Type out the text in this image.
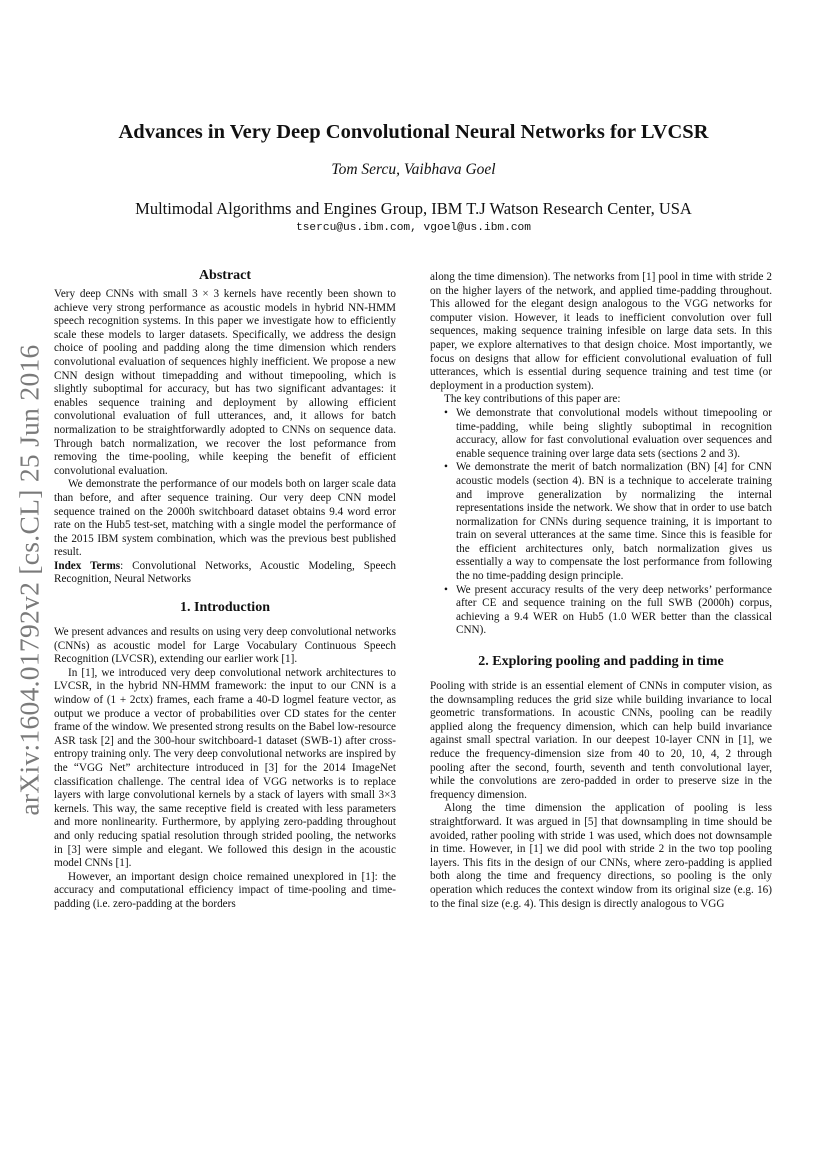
arXiv:1604.01792v2 [cs.CL] 25 Jun 2016
Advances in Very Deep Convolutional Neural Networks for LVCSR
Tom Sercu, Vaibhava Goel
Multimodal Algorithms and Engines Group, IBM T.J Watson Research Center, USA
tsercu@us.ibm.com, vgoel@us.ibm.com
Abstract

Very deep CNNs with small 3 × 3 kernels have recently been shown to achieve very strong performance as acoustic models in hybrid NN-HMM speech recognition systems. In this paper we investigate how to efficiently scale these models to larger datasets. Specifically, we address the design choice of pooling and padding along the time dimension which renders convolutional evaluation of sequences highly inefficient. We propose a new CNN design without timepadding and without timepooling, which is slightly suboptimal for accuracy, but has two significant advantages: it enables sequence training and deployment by allowing efficient convolutional evaluation of full utterances, and, it allows for batch normalization to be straightforwardly adopted to CNNs on sequence data. Through batch normalization, we recover the lost peformance from removing the time-pooling, while keeping the benefit of efficient convolutional evaluation.

We demonstrate the performance of our models both on larger scale data than before, and after sequence training. Our very deep CNN model sequence trained on the 2000h switchboard dataset obtains 9.4 word error rate on the Hub5 test-set, matching with a single model the performance of the 2015 IBM system combination, which was the previous best published result.

Index Terms: Convolutional Networks, Acoustic Modeling, Speech Recognition, Neural Networks

1. Introduction

We present advances and results on using very deep convolutional networks (CNNs) as acoustic model for Large Vocabulary Continuous Speech Recognition (LVCSR), extending our earlier work [1].

In [1], we introduced very deep convolutional network architectures to LVCSR, in the hybrid NN-HMM framework: the input to our CNN is a window of (1 + 2ctx) frames, each frame a 40-D logmel feature vector, as output we produce a vector of probabilities over CD states for the center frame of the window. We presented strong results on the Babel low-resource ASR task [2] and the 300-hour switchboard-1 dataset (SWB-1) after cross-entropy training only. The very deep convolutional networks are inspired by the “VGG Net” architecture introduced in [3] for the 2014 ImageNet classification challenge. The central idea of VGG networks is to replace layers with large convolutional kernels by a stack of layers with small 3×3 kernels. This way, the same receptive field is created with less parameters and more nonlinearity. Furthermore, by applying zero-padding throughout and only reducing spatial resolution through strided pooling, the networks in [3] were simple and elegant. We followed this design in the acoustic model CNNs [1].

However, an important design choice remained unexplored in [1]: the accuracy and computational efficiency impact of time-pooling and time-padding (i.e. zero-padding at the borders

along the time dimension). The networks from [1] pool in time with stride 2 on the higher layers of the network, and applied time-padding throughout. This allowed for the elegant design analogous to the VGG networks for computer vision. However, it leads to inefficient convolution over full sequences, making sequence training infesible on large data sets. In this paper, we explore alternatives to that design choice. Most importantly, we focus on designs that allow for efficient convolutional evaluation of full utterances, which is essential during sequence training and test time (or deployment in a production system).

The key contributions of this paper are:

• We demonstrate that convolutional models without timepooling or time-padding, while being slightly suboptimal in recognition accuracy, allow for fast convolutional evaluation over sequences and enable sequence training over large data sets (sections 2 and 3).
• We demonstrate the merit of batch normalization (BN) [4] for CNN acoustic models (section 4). BN is a technique to accelerate training and improve generalization by normalizing the internal representations inside the network. We show that in order to use batch normalization for CNNs during sequence training, it is important to train on several utterances at the same time. Since this is feasible for the efficient architectures only, batch normalization gives us essentially a way to compensate the lost performance from following the no time-padding design principle.
• We present accuracy results of the very deep networks’ performance after CE and sequence training on the full SWB (2000h) corpus, achieving a 9.4 WER on Hub5 (1.0 WER better than the classical CNN).
2. Exploring pooling and padding in time

Pooling with stride is an essential element of CNNs in computer vision, as the downsampling reduces the grid size while building invariance to local geometric transformations. In acoustic CNNs, pooling can be readily applied along the frequency dimension, which can help build invariance against small spectral variation. In our deepest 10-layer CNN in [1], we reduce the frequency-dimension size from 40 to 20, 10, 4, 2 through pooling after the second, fourth, seventh and tenth convolutional layer, while the convolutions are zero-padded in order to preserve size in the frequency dimension.

Along the time dimension the application of pooling is less straightforward. It was argued in [5] that downsampling in time should be avoided, rather pooling with stride 1 was used, which does not downsample in time. However, in [1] we did pool with stride 2 in the two top pooling layers. This fits in the design of our CNNs, where zero-padding is applied both along the time and frequency directions, so pooling is the only operation which reduces the context window from its original size (e.g. 16) to the final size (e.g. 4). This design is directly analogous to VGG
